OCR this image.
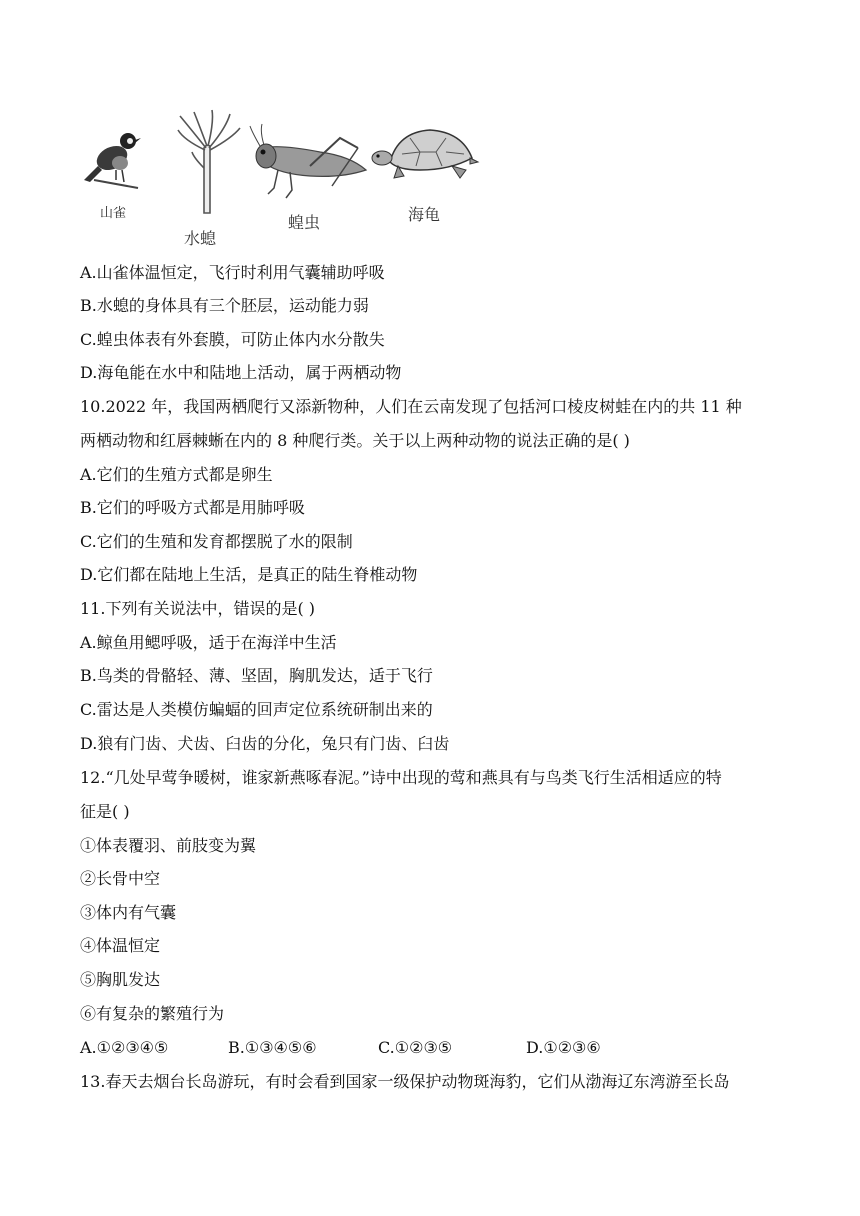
山雀
水螅
蝗虫	海龟
A.山雀体温恒定，飞行时利用气囊辅助呼吸
B.水螅的身体具有三个胚层，运动能力弱
C.蝗虫体表有外套膜，可防止体内水分散失
D.海龟能在水中和陆地上活动，属于两栖动物
10.2022 年，我国两栖爬行又添新物种，人们在云南发现了包括河口棱皮树蛙在内的共 11 种
两栖动物和红唇棘蜥在内的 8 种爬行类。关于以上两种动物的说法正确的是( )
A.它们的生殖方式都是卵生
B.它们的呼吸方式都是用肺呼吸
C.它们的生殖和发育都摆脱了水的限制
D.它们都在陆地上生活，是真正的陆生脊椎动物
11.下列有关说法中，错误的是( )
A.鲸鱼用鳃呼吸，适于在海洋中生活
B.鸟类的骨骼轻、薄、坚固，胸肌发达，适于飞行
C.雷达是人类模仿蝙蝠的回声定位系统研制出来的
D.狼有门齿、犬齿、臼齿的分化，兔只有门齿、臼齿
12.“几处早莺争暖树，谁家新燕啄春泥。”诗中出现的莺和燕具有与鸟类飞行生活相适应的特
征是( )
①体表覆羽、前肢变为翼
②长骨中空
③体内有气囊
④体温恒定
⑤胸肌发达
⑥有复杂的繁殖行为
A.①②③④⑤	B.①③④⑤⑥	C.①②③⑤	D.①②③⑥
13.春天去烟台长岛游玩，有时会看到国家一级保护动物斑海豹，它们从渤海辽东湾游至长岛
